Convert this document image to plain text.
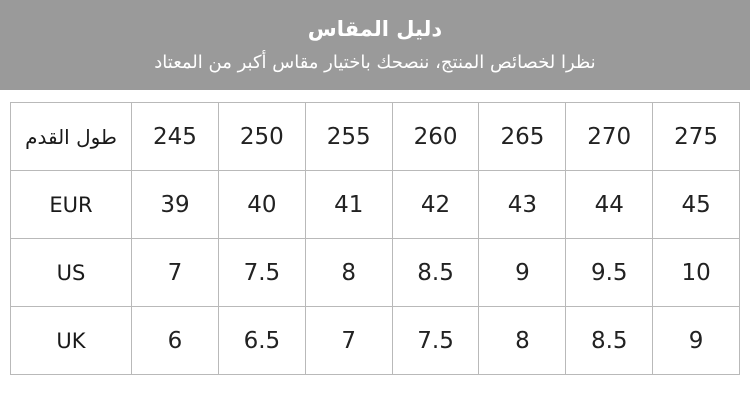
دليل المقاس
نظرا لخصائص المنتج، ننصحك باختيار مقاس أكبر من المعتاد
275	270	265	260	255	250	245	طول القدم
45	44	43	42	41	40	39	EUR
10	9.5	9	8.5	8	7.5	7	US
9	8.5	8	7.5	7	6.5	6	UK
